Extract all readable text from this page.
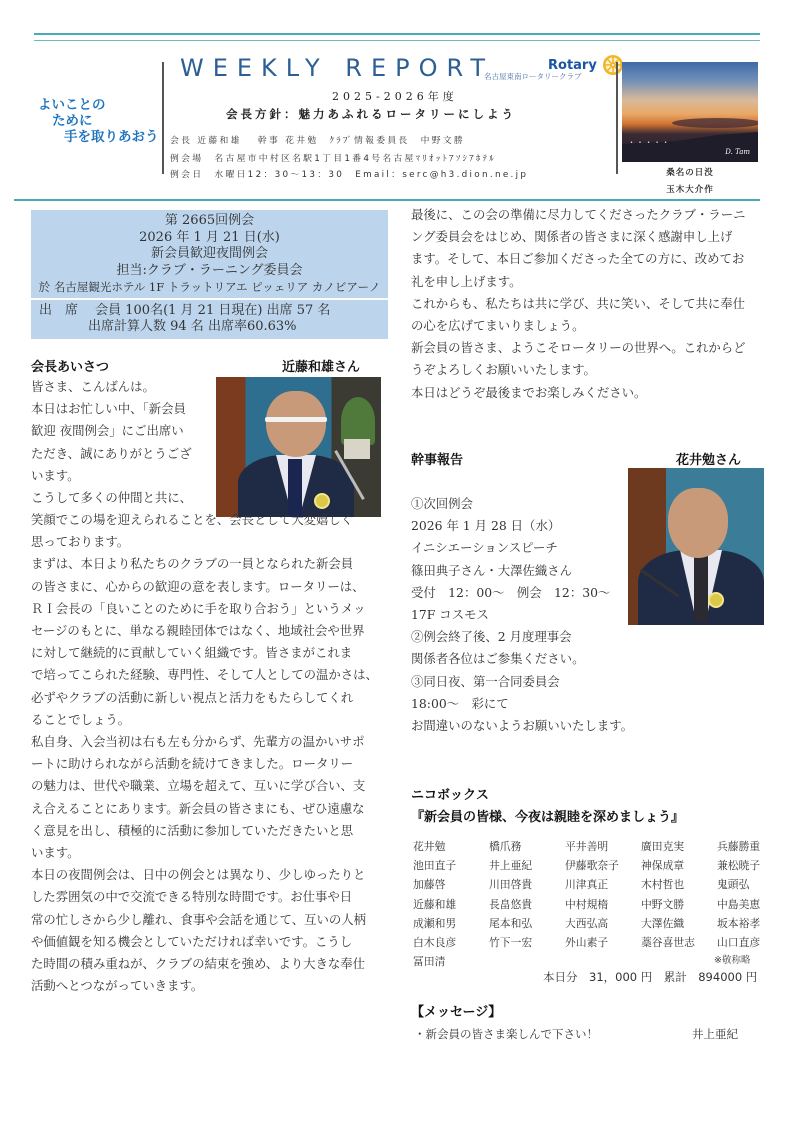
よいことの
ために
手を取りあおう
WEEKLY REPORT	Rotary
名古屋東南ロータリークラブ
2025-2026年度
会長方針：魅力あふれるロータリーにしよう
会長 近藤和雄　 幹事 花井勉　ｸﾗﾌﾞ情報委員長　中野文勝
例会場　名古屋市中村区名駅1丁目1番4号名古屋ﾏﾘｵｯﾄｱｿｼｱﾎﾃﾙ
例会日　水曜日12：30～13：30　Email：serc@h3.dion.ne.jp
• • • • •
D. Tam
桑名の日没
玉木大介作
第 2665回例会
2026 年 1 月 21 日(水)
新会員歓迎夜間例会
担当:クラブ・ラーニング委員会
於 名古屋観光ホテル 1F トラットリアエ ピッェリア カノビアーノ
出　席　 会員 100名(1 月 21 日現在) 出席 57 名
出席計算人数 94 名 出席率60.63%
会長あいさつ	近藤和雄さん

皆さま、こんばんは。

本日はお忙しい中、「新会員

歓迎 夜間例会」にご出席い

ただき、誠にありがとうござ

います。

こうして多くの仲間と共に、

笑顔でこの場を迎えられることを、会長として大変嬉しく

思っております。

まずは、本日より私たちのクラブの一員となられた新会員

の皆さまに、心からの歓迎の意を表します。ロータリーは、

ＲＩ会長の「良いことのために手を取り合おう」というメッ

セージのもとに、単なる親睦団体ではなく、地域社会や世界

に対して継続的に貢献していく組織です。皆さまがこれま

で培ってこられた経験、専門性、そして人としての温かさは、

必ずやクラブの活動に新しい視点と活力をもたらしてくれ

ることでしょう。

私自身、入会当初は右も左も分からず、先輩方の温かいサポ

ートに助けられながら活動を続けてきました。ロータリー

の魅力は、世代や職業、立場を超えて、互いに学び合い、支

え合えることにあります。新会員の皆さまにも、ぜひ遠慮な

く意見を出し、積極的に活動に参加していただきたいと思

います。

本日の夜間例会は、日中の例会とは異なり、少しゆったりと

した雰囲気の中で交流できる特別な時間です。お仕事や日

常の忙しさから少し離れ、食事や会話を通じて、互いの人柄

や価値観を知る機会としていただければ幸いです。こうし

た時間の積み重ねが、クラブの結束を強め、より大きな奉仕

活動へとつながっていきます。

最後に、この会の準備に尽力してくださったクラブ・ラーニ

ング委員会をはじめ、関係者の皆さまに深く感謝申し上げ

ます。そして、本日ご参加くださった全ての方に、改めてお

礼を申し上げます。

これからも、私たちは共に学び、共に笑い、そして共に奉仕

の心を広げてまいりましょう。

新会員の皆さま、ようこそロータリーの世界へ。これからど

うぞよろしくお願いいたします。

本日はどうぞ最後までお楽しみください。

幹事報告	花井勉さん

①次回例会

2026 年 1 月 28 日（水）

イニシエーションスピーチ

篠田典子さん・大澤佐織さん

受付　12：00～　例会　12：30～

17F コスモス

②例会終了後、2 月度理事会

関係者各位はご参集ください。

③同日夜、第一合同委員会

18:00～　彩にて

お間違いのないようお願いいたします。

ニコボックス
『新会員の皆様、今夜は親睦を深めましょう』
花井勉	橋爪務	平井善明	廣田克実	兵藤勝重
池田直子	井上亜紀	伊藤歌奈子	神保成章	兼松暁子
加藤啓	川田啓貴	川津真正	木村哲也	鬼頭弘
近藤和雄	長畠悠貴	中村規楕	中野文勝	中島美恵
成瀬和男	尾本和弘	大西弘高	大澤佐織	坂本裕孝
白木良彦	竹下一宏	外山素子	藁谷喜世志	山口直彦
冨田清	※敬称略
本日分　31，000 円　累計　894000 円
【メッセージ】
・新会員の皆さま楽しんで下さい！	井上亜紀
